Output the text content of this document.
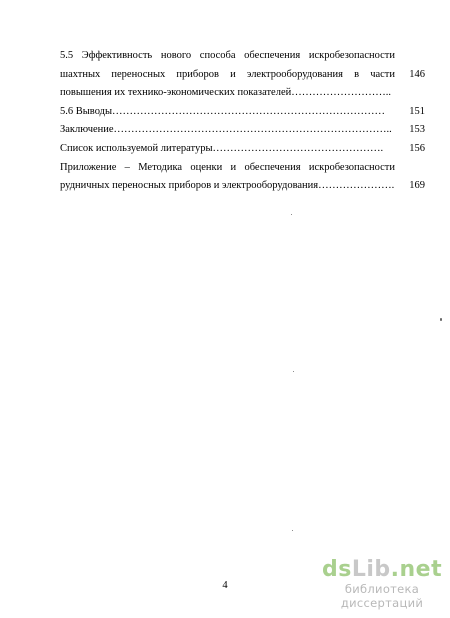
5.5 Эффективность нового способа обеспечения искробезопасности
шахтных переносных приборов и электрооборудования в части
повышения их технико-экономических показателей………………………..
146
5.6 Выводы……………………………………………………………………	151
Заключение……………………………………………………………………..	153
Список используемой литературы………………………………………….	156
Приложение – Методика оценки и обеспечения искробезопасности
рудничных переносных приборов и электрооборудования………………….	169
4
dsLib.net
библиотека диссертаций
